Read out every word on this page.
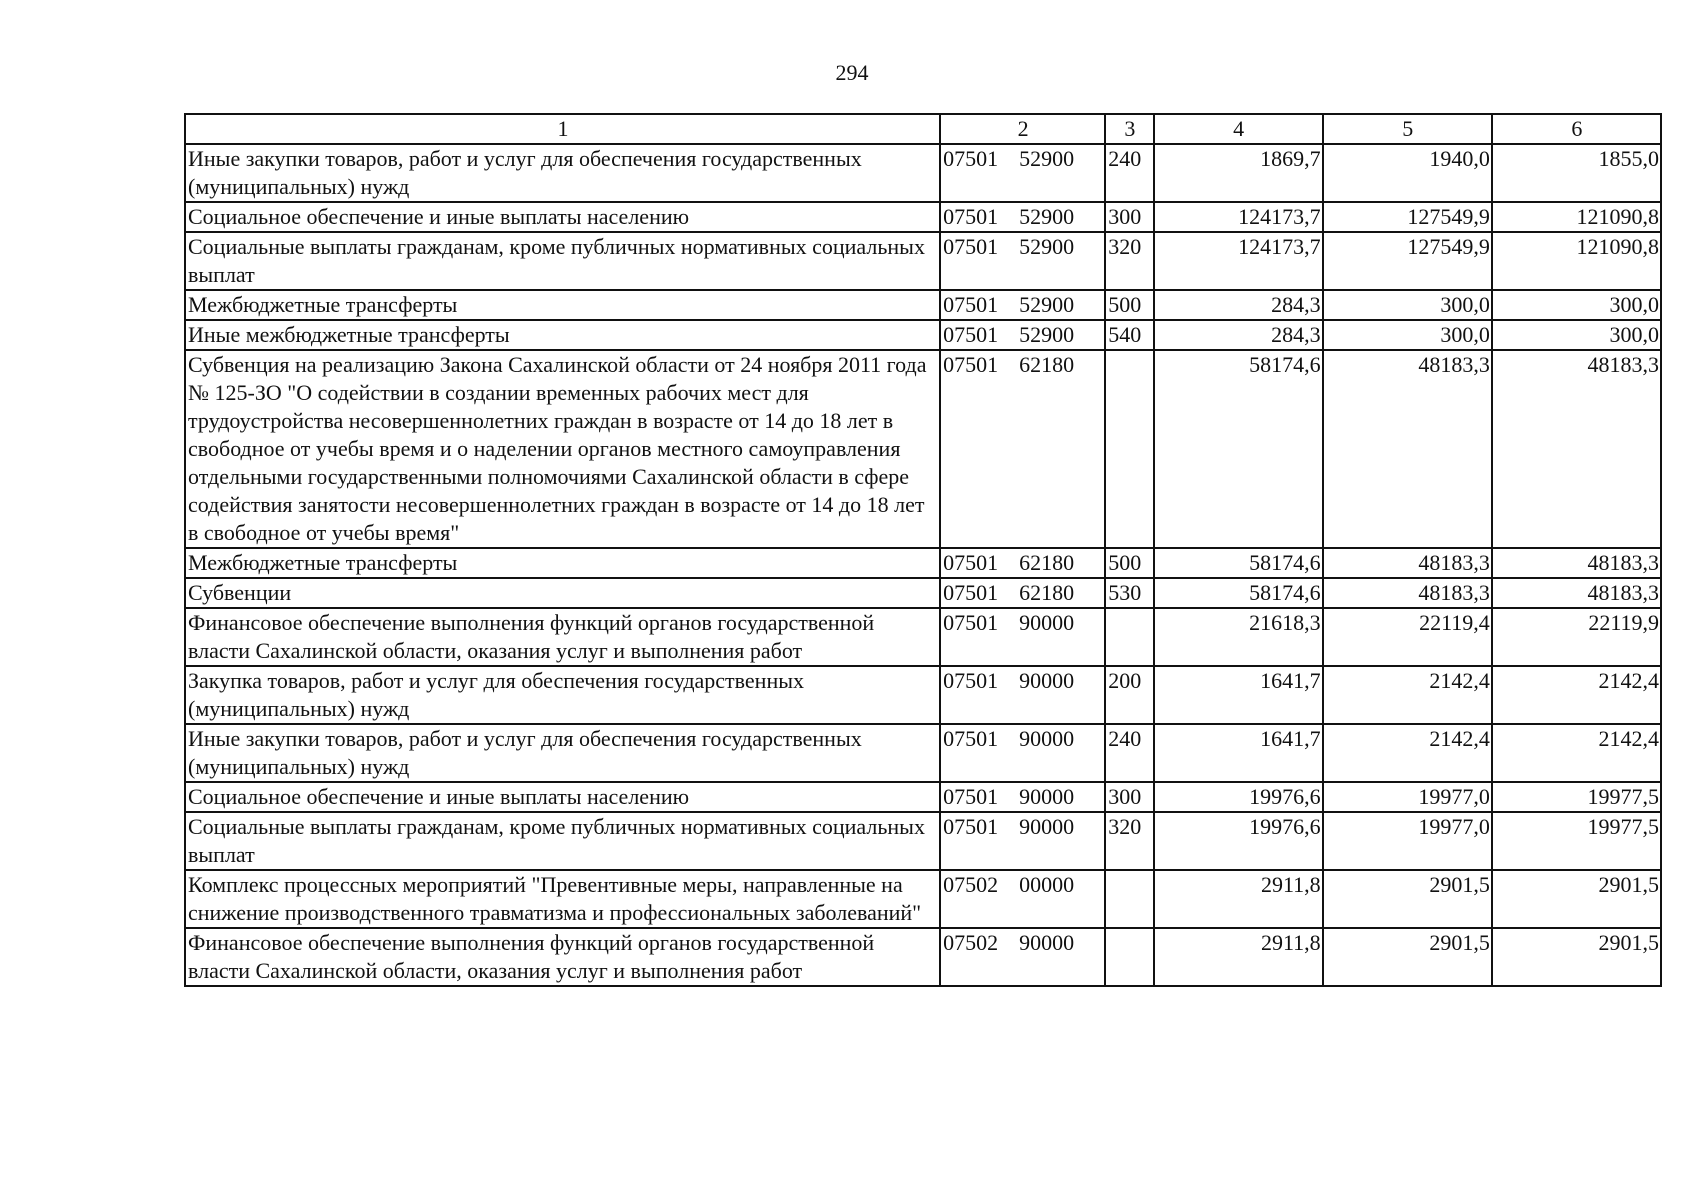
294
1	2	3	4	5	6
Иные закупки товаров, работ и услуг для обеспечения государственных (муниципальных) нужд	07501 52900	240	1869,7	1940,0	1855,0
Социальное обеспечение и иные выплаты населению	07501 52900	300	124173,7	127549,9	121090,8
Социальные выплаты гражданам, кроме публичных нормативных социальных выплат	07501 52900	320	124173,7	127549,9	121090,8
Межбюджетные трансферты	07501 52900	500	284,3	300,0	300,0
Иные межбюджетные трансферты	07501 52900	540	284,3	300,0	300,0
Субвенция на реализацию Закона Сахалинской области от 24 ноября 2011 года № 125-ЗО "О содействии в создании временных рабочих мест для трудоустройства несовершеннолетних граждан в возрасте от 14 до 18 лет в свободное от учебы время и о наделении органов местного самоуправления отдельными государственными полномочиями Сахалинской области в сфере содействия занятости несовершеннолетних граждан в возрасте от 14 до 18 лет в свободное от учебы время"	07501 62180		58174,6	48183,3	48183,3
Межбюджетные трансферты	07501 62180	500	58174,6	48183,3	48183,3
Субвенции	07501 62180	530	58174,6	48183,3	48183,3
Финансовое обеспечение выполнения функций органов государственной власти Сахалинской области, оказания услуг и выполнения работ	07501 90000		21618,3	22119,4	22119,9
Закупка товаров, работ и услуг для обеспечения государственных (муниципальных) нужд	07501 90000	200	1641,7	2142,4	2142,4
Иные закупки товаров, работ и услуг для обеспечения государственных (муниципальных) нужд	07501 90000	240	1641,7	2142,4	2142,4
Социальное обеспечение и иные выплаты населению	07501 90000	300	19976,6	19977,0	19977,5
Социальные выплаты гражданам, кроме публичных нормативных социальных выплат	07501 90000	320	19976,6	19977,0	19977,5
Комплекс процессных мероприятий "Превентивные меры, направленные на снижение производственного травматизма и профессиональных заболеваний"	07502 00000		2911,8	2901,5	2901,5
Финансовое обеспечение выполнения функций органов государственной власти Сахалинской области, оказания услуг и выполнения работ	07502 90000		2911,8	2901,5	2901,5
